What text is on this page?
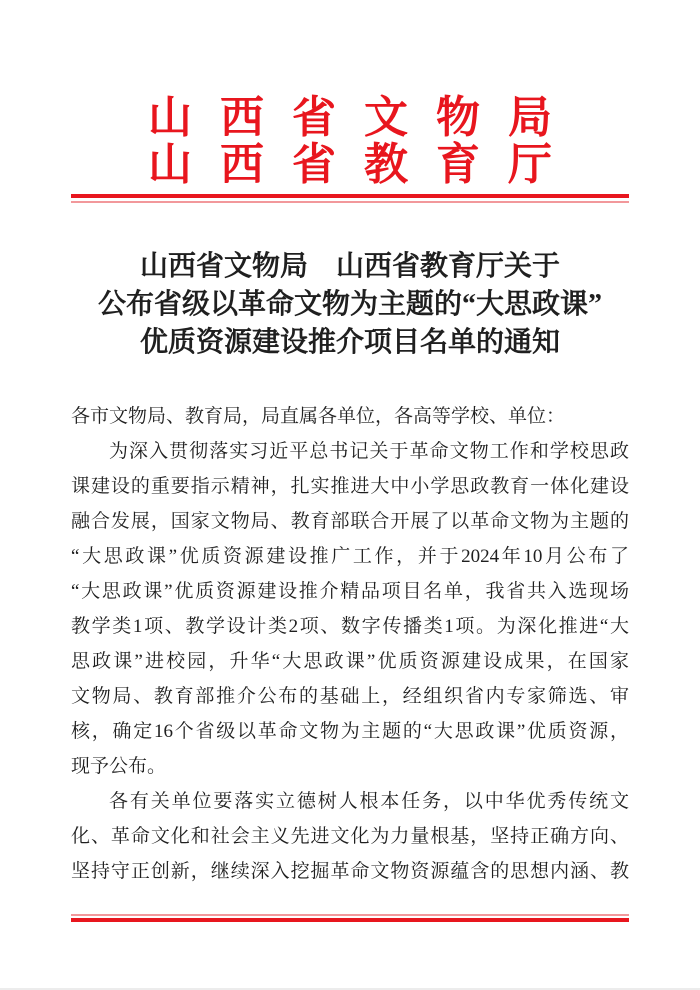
山西省文物局
山西省教育厅
山西省文物局　山西省教育厅关于
公布省级以革命文物为主题的“大思政课”
优质资源建设推介项目名单的通知
各市文物局、教育局，局直属各单位，各高等学校、单位：
为深入贯彻落实习近平总书记关于革命文物工作和学校思政
课建设的重要指示精神，扎实推进大中小学思政教育一体化建设
融合发展，国家文物局、教育部联合开展了以革命文物为主题的
“大思政课”优质资源建设推广工作，并于2024年10月公布了
“大思政课”优质资源建设推介精品项目名单，我省共入选现场
教学类1项、教学设计类2项、数字传播类1项。为深化推进“大
思政课”进校园，升华“大思政课”优质资源建设成果，在国家
文物局、教育部推介公布的基础上，经组织省内专家筛选、审
核，确定16个省级以革命文物为主题的“大思政课”优质资源，
现予公布。
各有关单位要落实立德树人根本任务，以中华优秀传统文
化、革命文化和社会主义先进文化为力量根基，坚持正确方向、
坚持守正创新，继续深入挖掘革命文物资源蕴含的思想内涵、教
